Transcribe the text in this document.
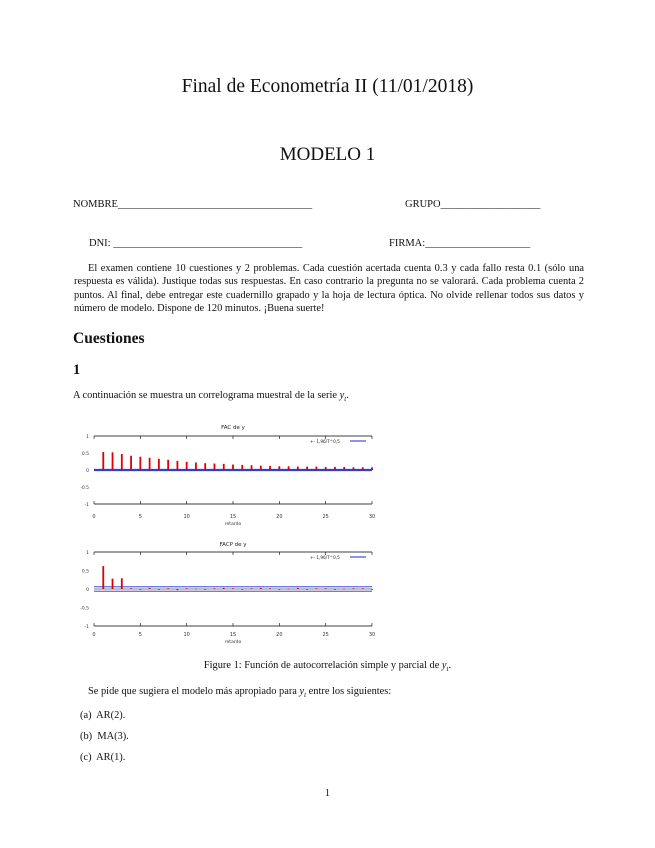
Final de Econometría II (11/01/2018)
MODELO 1
NOMBRE_____________________________________	GRUPO___________________
DNI: ____________________________________	FIRMA:____________________
El examen contiene 10 cuestiones y 2 problemas. Cada cuestión acertada cuenta 0.3 y cada fallo resta 0.1 (sólo una respuesta es válida). Justique todas sus respuestas. En caso contrario la pregunta no se valorará. Cada problema cuenta 2 puntos. Al final, debe entregar este cuadernillo grapado y la hoja de lectura óptica. No olvide rellenar todos sus datos y número de modelo. Dispone de 120 minutos. ¡Buena suerte!
Cuestiones
1
A continuación se muestra un correlograma muestral de la serie $y_t$.
FAC de y
1
0.5
0
-0.5
-1
0	5	10	15	20	25	30
retardo
+- 1,96/T^0,5
FACP de y
1
0.5
0
-0.5
-1
0	5	10	15	20	25	30
retardo
+- 1,96/T^0,5
Figure 1: Función de autocorrelación simple y parcial de $y_t$.
Se pide que sugiera el modelo más apropiado para $y_t$ entre los siguientes:
(a) AR(2).
(b) MA(3).
(c) AR(1).
1
